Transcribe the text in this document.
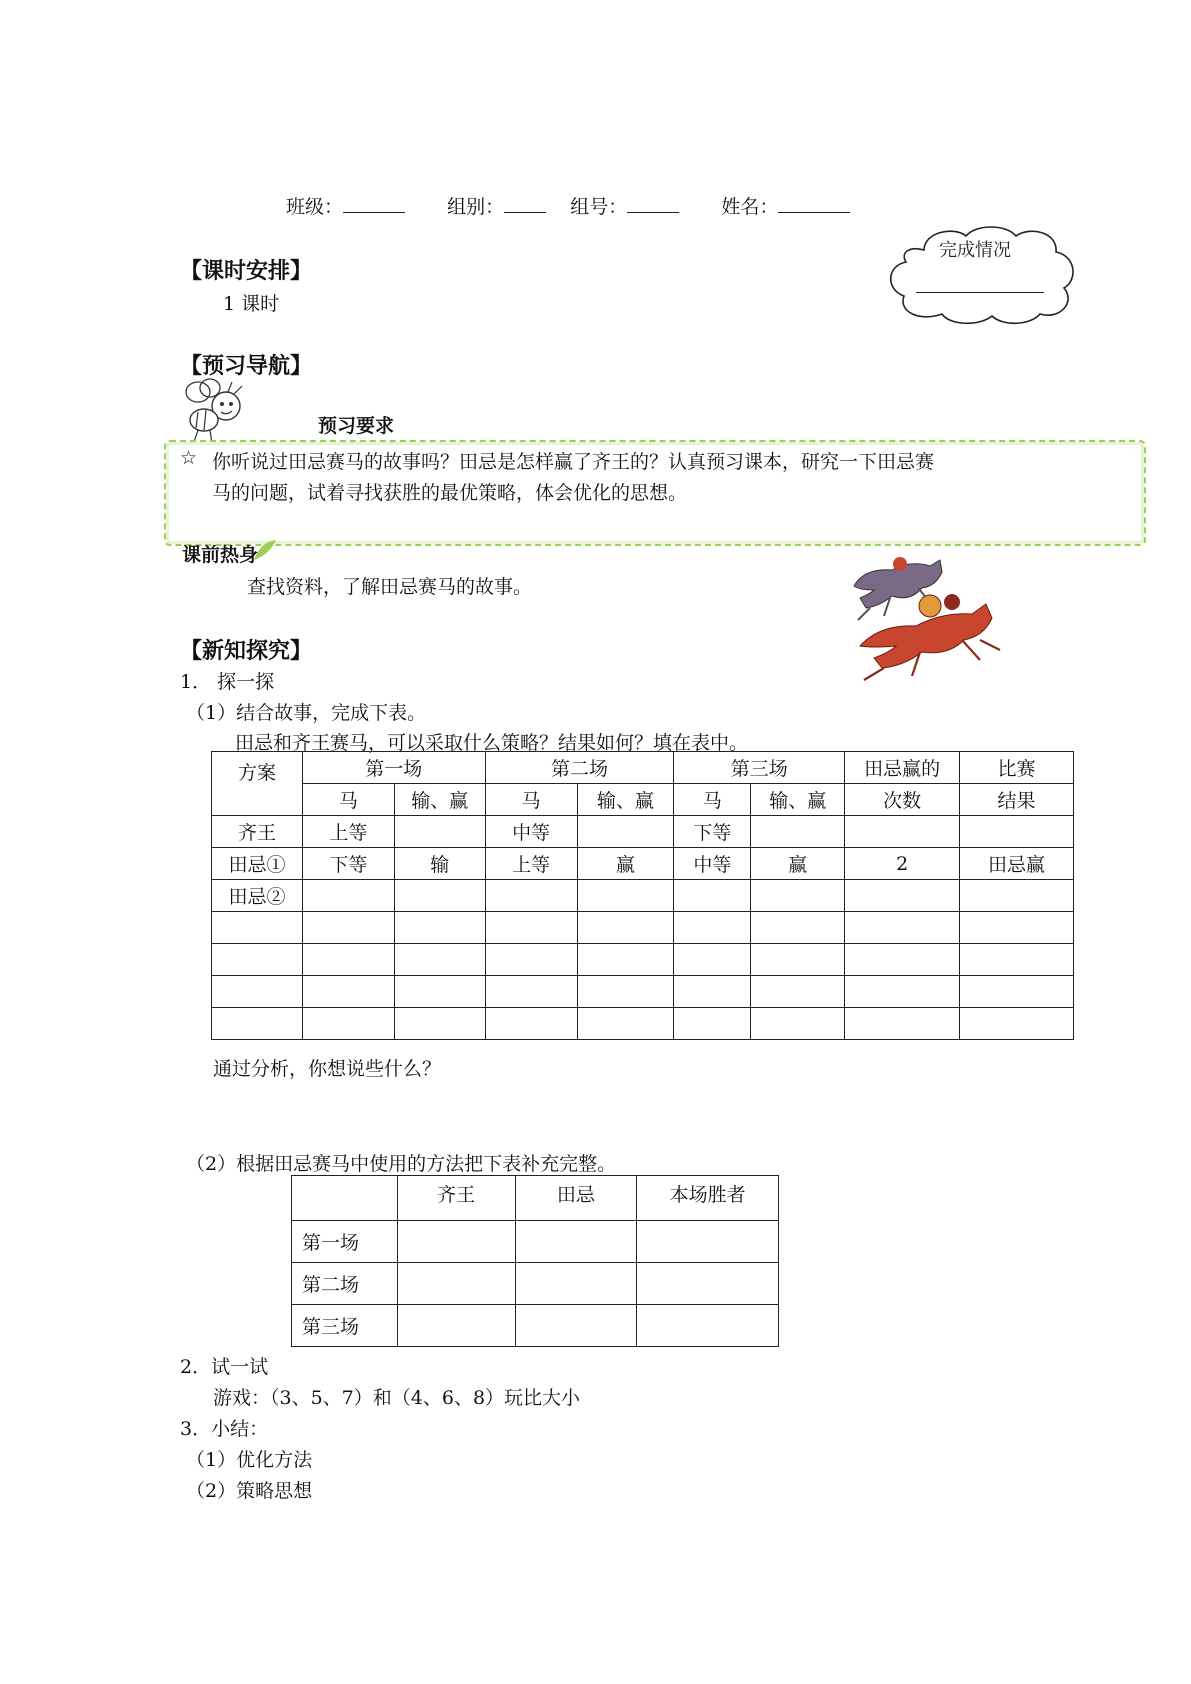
班级：	组别：	组号：	姓名：
完成情况
【课时安排】
1 课时
【预习导航】
预习要求
☆ 你听说过田忌赛马的故事吗？田忌是怎样赢了齐王的？认真预习课本，研究一下田忌赛
马的问题，试着寻找获胜的最优策略，体会优化的思想。
课前热身
查找资料，了解田忌赛马的故事。
【新知探究】
1． 探一探
（1）结合故事，完成下表。
田忌和齐王赛马，可以采取什么策略？结果如何？填在表中。
方案	第一场		第二场		第三场		田忌赢的	比赛
	马	输、赢	马	输、赢	马	输、赢	次数	结果
齐王	上等		中等		下等			
田忌①	下等	输	上等	赢	中等	赢	2	田忌赢
田忌②								

通过分析，你想说些什么？
（2）根据田忌赛马中使用的方法把下表补充完整。
	齐王	田忌	本场胜者
第一场			
第二场			
第三场			
2．试一试
游戏：（3、5、7）和（4、6、8）玩比大小
3．小结：
（1）优化方法
（2）策略思想
